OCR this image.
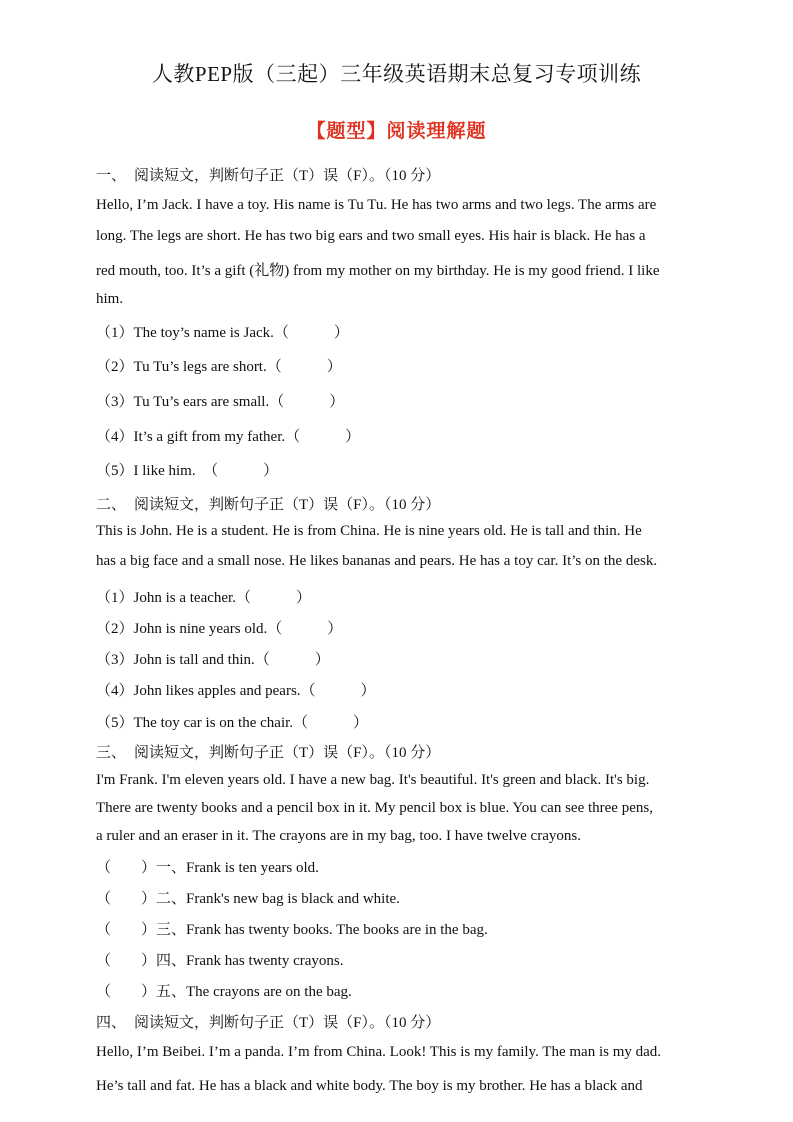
人教PEP版（三起）三年级英语期末总复习专项训练
【题型】阅读理解题
一、 阅读短文，判断句子正（T）误（F）。（10 分）
Hello, I’m Jack. I have a toy. His name is Tu Tu. He has two arms and two legs. The arms are
long. The legs are short. He has two big ears and two small eyes. His hair is black. He has a
red mouth, too. It’s a gift (礼物) from my mother on my birthday. He is my good friend. I like
him.
（1）The toy’s name is Jack.（　　　）
（2）Tu Tu’s legs are short.（　　　）
（3）Tu Tu’s ears are small.（　　　）
（4）It’s a gift from my father.（　　　）
（5）I like him.　（　　　）
二、 阅读短文，判断句子正（T）误（F）。（10 分）
This is John. He is a student. He is from China. He is nine years old. He is tall and thin. He
has a big face and a small nose. He likes bananas and pears. He has a toy car. It’s on the desk.
（1）John is a teacher.（　　　）
（2）John is nine years old.（　　　）
（3）John is tall and thin.（　　　）
（4）John likes apples and pears.（　　　）
（5）The toy car is on the chair.（　　　）
三、 阅读短文，判断句子正（T）误（F）。（10 分）
I'm Frank. I'm eleven years old. I have a new bag. It's beautiful. It's green and black. It's big.
There are twenty books and a pencil box in it. My pencil box is blue. You can see three pens,
a ruler and an eraser in it. The crayons are in my bag, too. I have twelve crayons.
（　　）一、Frank is ten years old.
（　　）二、Frank's new bag is black and white.
（　　）三、Frank has twenty books. The books are in the bag.
（　　）四、Frank has twenty crayons.
（　　）五、The crayons are on the bag.
四、 阅读短文，判断句子正（T）误（F）。（10 分）
Hello, I’m Beibei. I’m a panda. I’m from China. Look! This is my family. The man is my dad.
He’s tall and fat. He has a black and white body. The boy is my brother. He has a black and
